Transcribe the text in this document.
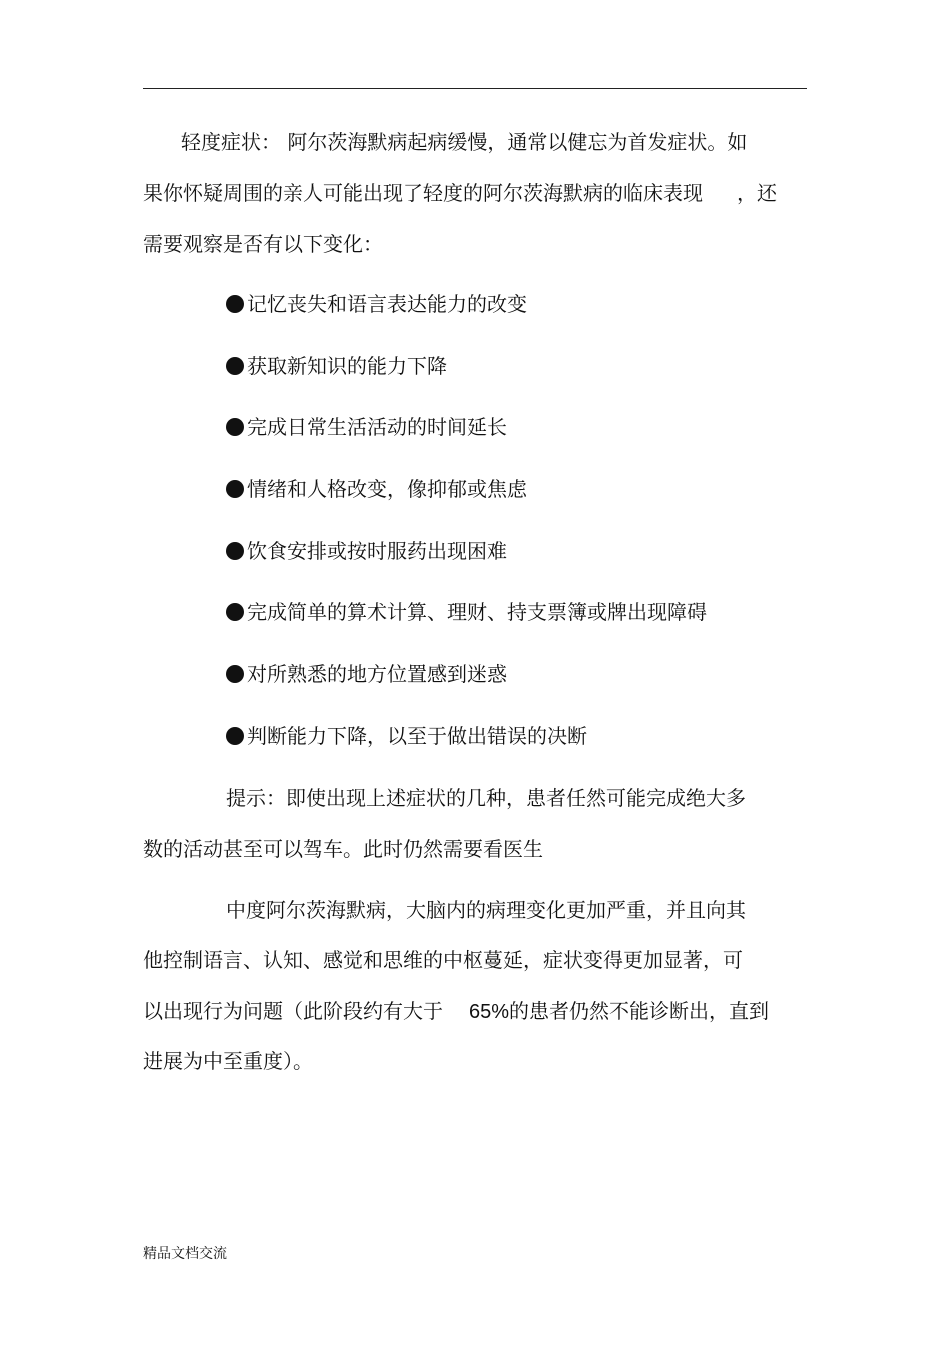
轻度症状： 阿尔茨海默病起病缓慢，通常以健忘为首发症状。如
果你怀疑周围的亲人可能出现了轻度的阿尔茨海默病的临床表现 ，还
需要观察是否有以下变化：
记忆丧失和语言表达能力的改变
获取新知识的能力下降
完成日常生活活动的时间延长
情绪和人格改变，像抑郁或焦虑
饮食安排或按时服药出现困难
完成简单的算术计算、理财、持支票簿或牌出现障碍
对所熟悉的地方位置感到迷惑
判断能力下降，以至于做出错误的决断
提示：即使出现上述症状的几种，患者任然可能完成绝大多
数的活动甚至可以驾车。此时仍然需要看医生
中度阿尔茨海默病，大脑内的病理变化更加严重，并且向其
他控制语言、认知、感觉和思维的中枢蔓延，症状变得更加显著，可
以出现行为问题（此阶段约有大于 65%的患者仍然不能诊断出，直到
进展为中至重度）。
精品文档交流
